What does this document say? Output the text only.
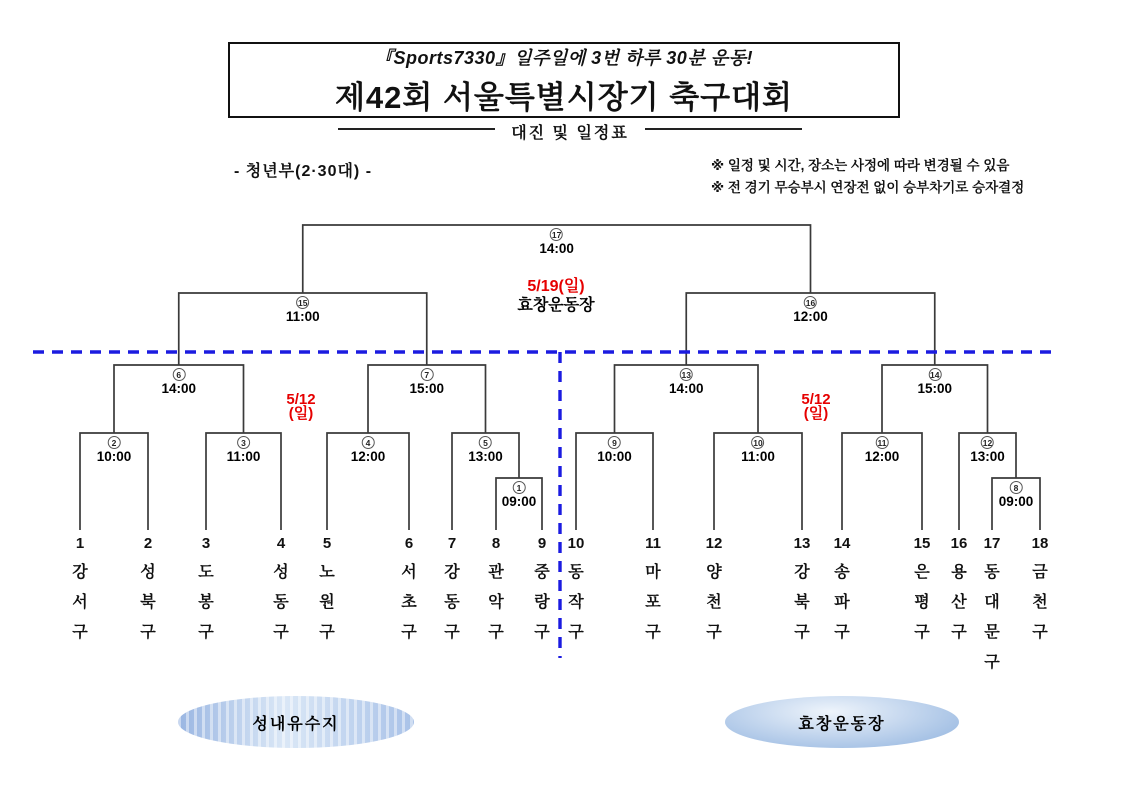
『Sports7330』일주일에 3번 하루 30분 운동!
제42회 서울특별시장기 축구대회
대진 및 일정표
- 청년부(2·30대) -	※ 일정 및 시간, 장소는 사정에 따라 변경될 수 있음
※ 전 경기 무승부시 연장전 없이 승부차기로 승자결정
5/19(일)
효창운동장
5/12
(일)
5/12
(일)
성내유수지	효창운동장
1
09:00
2
10:00
3
11:00
4
12:00
5
13:00
6
14:00
7
15:00
8
09:00
9
10:00
10
11:00
11
12:00
12
13:00
13
14:00
14
15:00
15
11:00
16
12:00
17
14:00
1
강서구
2
성북구
3
도봉구
4
성동구
5
노원구
6
서초구
7
강동구
8
관악구
9
중랑구
10
동작구
11
마포구
12
양천구
13
강북구
14
송파구
15
은평구
16
용산구
17
동대문구
18
금천구
